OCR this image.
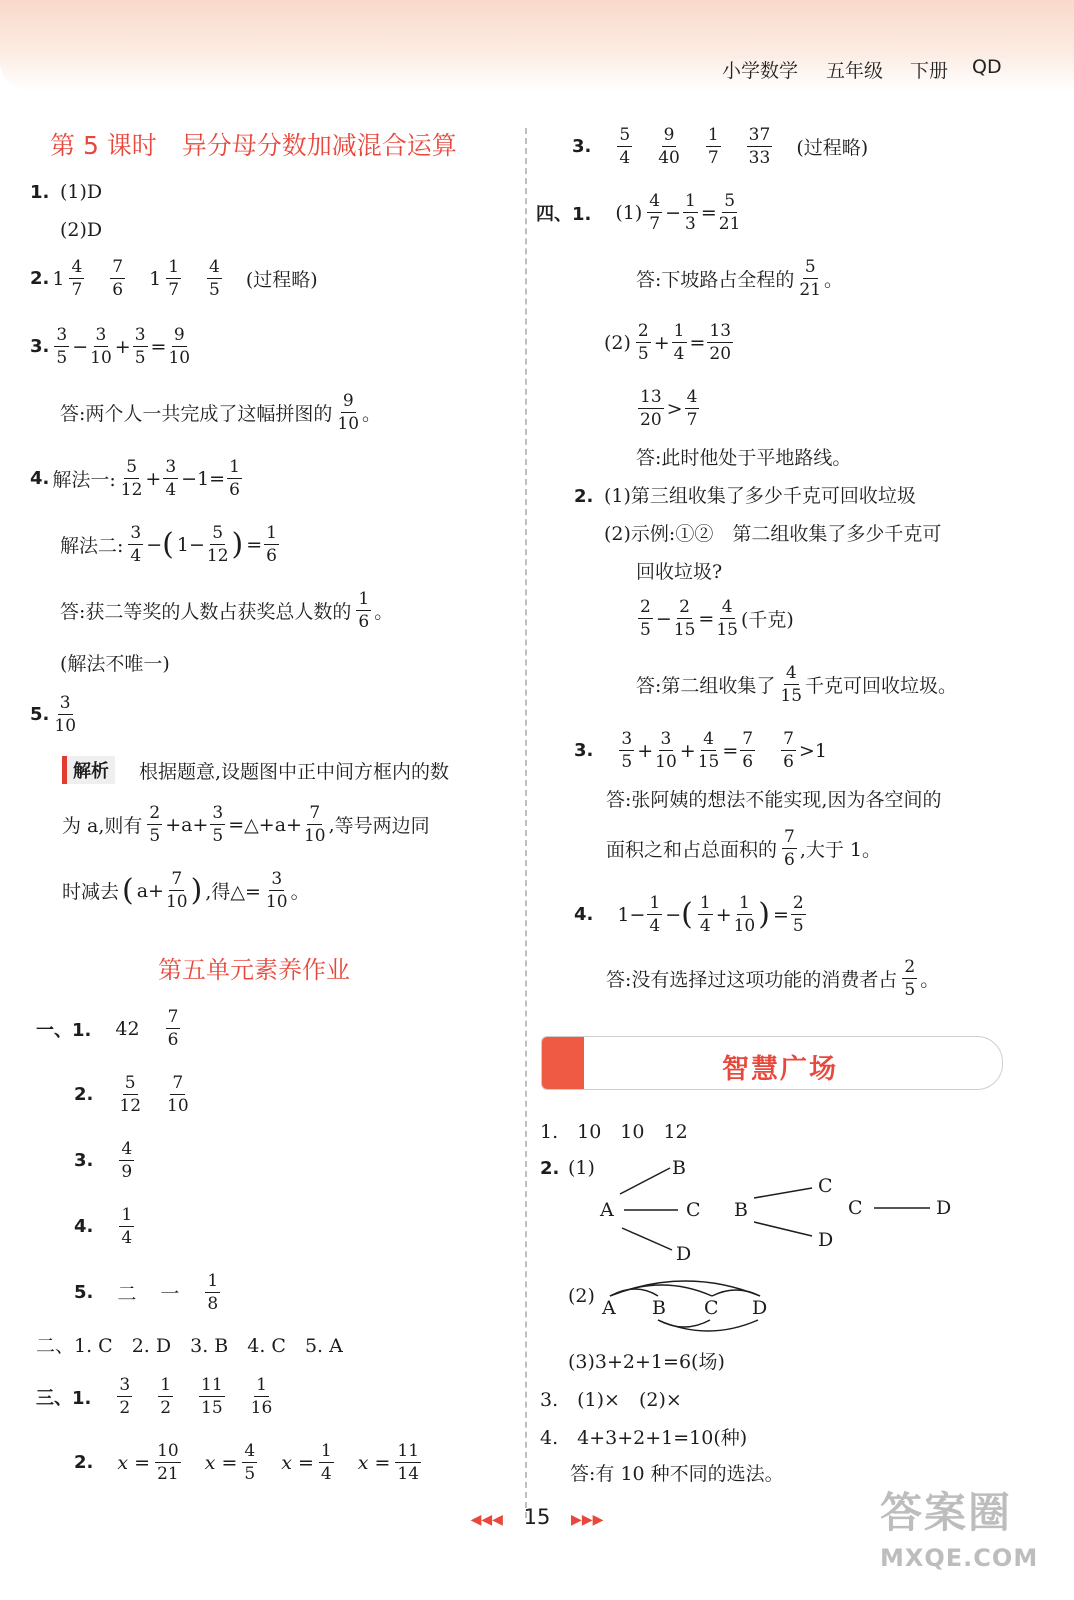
小学数学 五年级 下册 QD
第 5 课时　异分母分数加减混合运算
1. (1)D
(2)D
2. $1 \frac{4}{7} \frac{7}{6} 1 \frac{1}{7} \frac{4}{5}$ (过程略)
3. $\frac{3}{5} - \frac{3}{10} + \frac{3}{5} = \frac{9}{10}$
答:两个人一共完成了这幅拼图的 $\frac{9}{10}$ 。
4. 解法一: $\frac{5}{12} + \frac{3}{4} -1= \frac{1}{6}$
解法二: $\frac{3}{4}$ − ( $1- \frac{5}{12}$ ) = $\frac{1}{6}$
答:获二等奖的人数占获奖总人数的 $\frac{1}{6}$ 。
(解法不唯一)
5. $\frac{3}{10}$
解析	根据题意,设题图中正中间方框内的数
为 a,则有 $\frac{2}{5} +a+ \frac{3}{5}$ =△+a+ $\frac{7}{10}$ , 等号两边同
时减去 ( $a+ \frac{7}{10}$ ) ,得△= $\frac{3}{10}$ 。
第五单元素养作业
一、1. $42 \frac{7}{6}$
2. $\frac{5}{12} \frac{7}{10}$
3. $\frac{4}{9}$
4. $\frac{1}{4}$
5. 二 一 $\frac{1}{8}$
二、1. C　2. D　3. B　4. C　5. A
三、1. $\frac{3}{2} \frac{1}{2} \frac{11}{15} \frac{1}{16}$
2. $x = \frac{10}{21}$ $x = \frac{4}{5}$ $x = \frac{1}{4}$ $x = \frac{11}{14}$
3. $\frac{5}{4} \frac{9}{40} \frac{1}{7} \frac{37}{33}$ (过程略)
四、1. $(1) \frac{4}{7} - \frac{1}{3} = \frac{5}{21}$
答:下坡路占全程的 $\frac{5}{21}$ 。
$(2) \frac{2}{5} + \frac{1}{4} = \frac{13}{20}$
$\frac{13}{20} > \frac{4}{7}$
答:此时他处于平地路线。
2. (1)第三组收集了多少千克可回收垃圾
(2)示例:①②　第二组收集了多少千克可
回收垃圾?
$\frac{2}{5} - \frac{2}{15} = \frac{4}{15}$ (千克)
答:第二组收集了 $\frac{4}{15}$ 千克可回收垃圾。
3. $\frac{3}{5} + \frac{3}{10} + \frac{4}{15} = \frac{7}{6} \frac{7}{6} >1$
答:张阿姨的想法不能实现,因为各空间的
面积之和占总面积的 $\frac{7}{6}$ ,大于 1。
4. $1- \frac{1}{4}$ − ( $\frac{1}{4} + \frac{1}{10}$ ) = $\frac{2}{5}$
答:没有选择过这项功能的消费者占 $\frac{2}{5}$ 。
智慧广场
1.　10　10　12
2. (1)
A
B
C
D
B
C
D
C	D
(2)
A B C D
(3)3+2+1=6(场)
3.　(1)×　(2)×
4.　4+3+2+1=10(种)
答:有 10 种不同的选法。
◀◀◀ 15 ▶▶▶	答案圈
MXQE.COM
